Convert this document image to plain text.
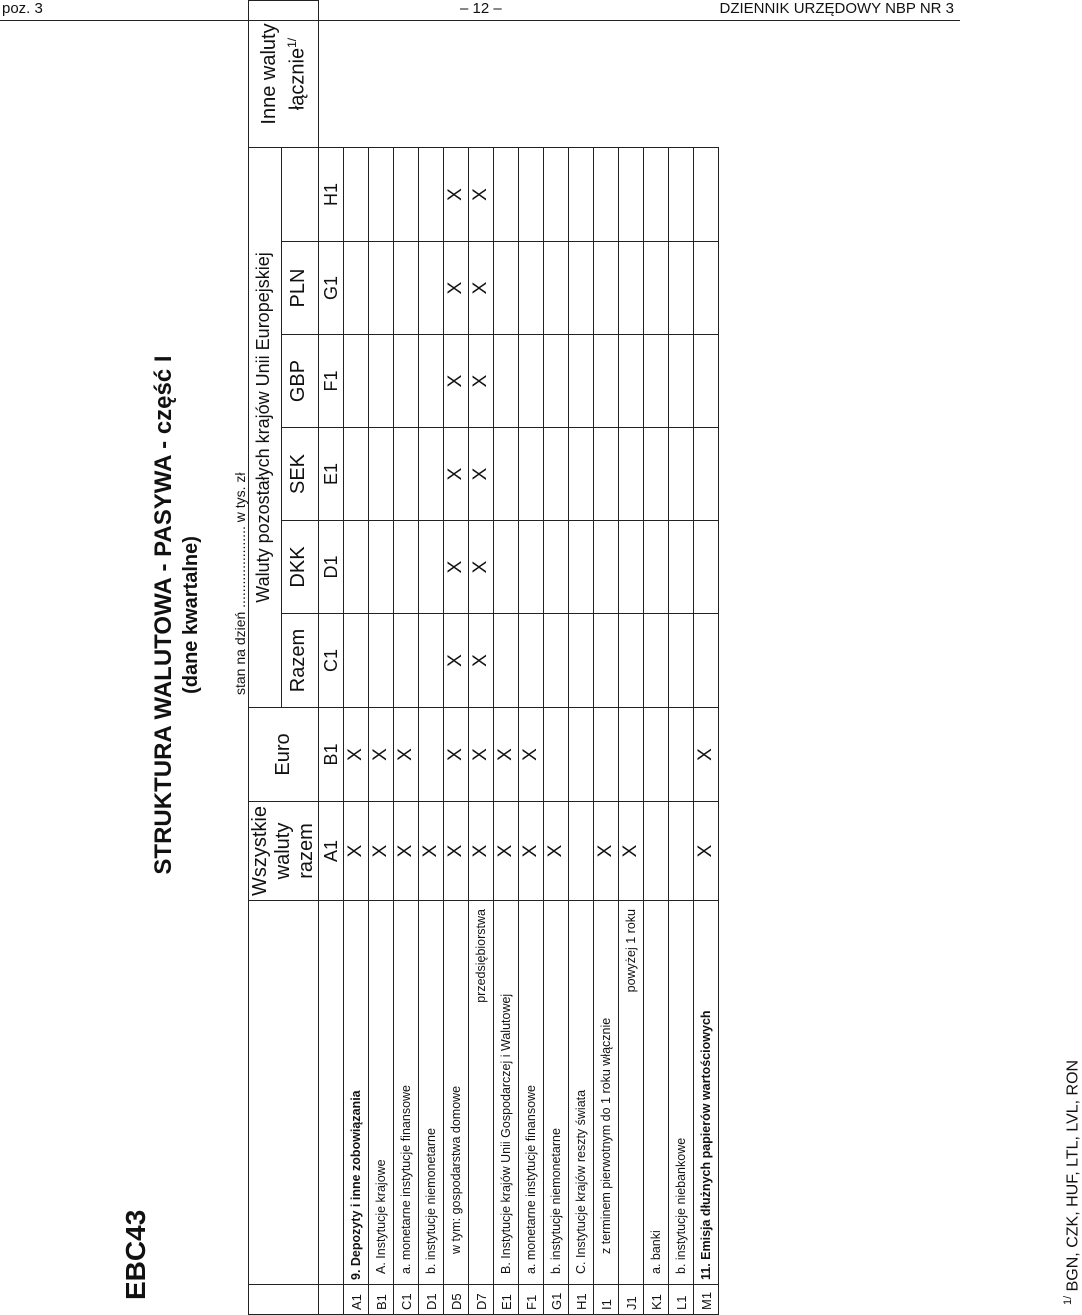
poz. 3	– 12 –	DZIENNIK URZĘDOWY NBP NR 3
EBC43
STRUKTURA WALUTOWA - PASYWA - część I (dane kwartalne) stan na dzień ..................... w tys. zł
		Wszystkie waluty razem	Euro	Waluty pozostałych krajów Unii Europejskiej						Inne waluty łącznie$^{1/}$
				Razem	DKK	SEK	GBP	PLN		
		A1	B1	C1	D1	E1	F1	G1	H1	
A1	9. Depozyty i inne zobowiązania	X	X							
B1	A. Instytucje krajowe	X	X							
C1	a. monetarne instytucje finansowe	X	X							
D1	b. instytucje niemonetarne	X								
D5	w tym: gospodarstwa domowe	X	X	X	X	X	X	X	X	
D7	przedsiębiorstwa	X	X	X	X	X	X	X	X	
E1	B. Instytucje krajów Unii Gospodarczej i Walutowej	X	X							
F1	a. monetarne instytucje finansowe	X	X							
G1	b. instytucje niemonetarne	X								
H1	C. Instytucje krajów reszty świata									
I1	z terminem pierwotnym do 1 roku włącznie	X								
J1	powyżej 1 roku	X								
K1	a. banki									
L1	b. instytucje niebankowe									
M1	11. Emisja dłużnych papierów wartościowych	X	X							
$^{1/}$ BGN, CZK, HUF, LTL, LVL, RON
